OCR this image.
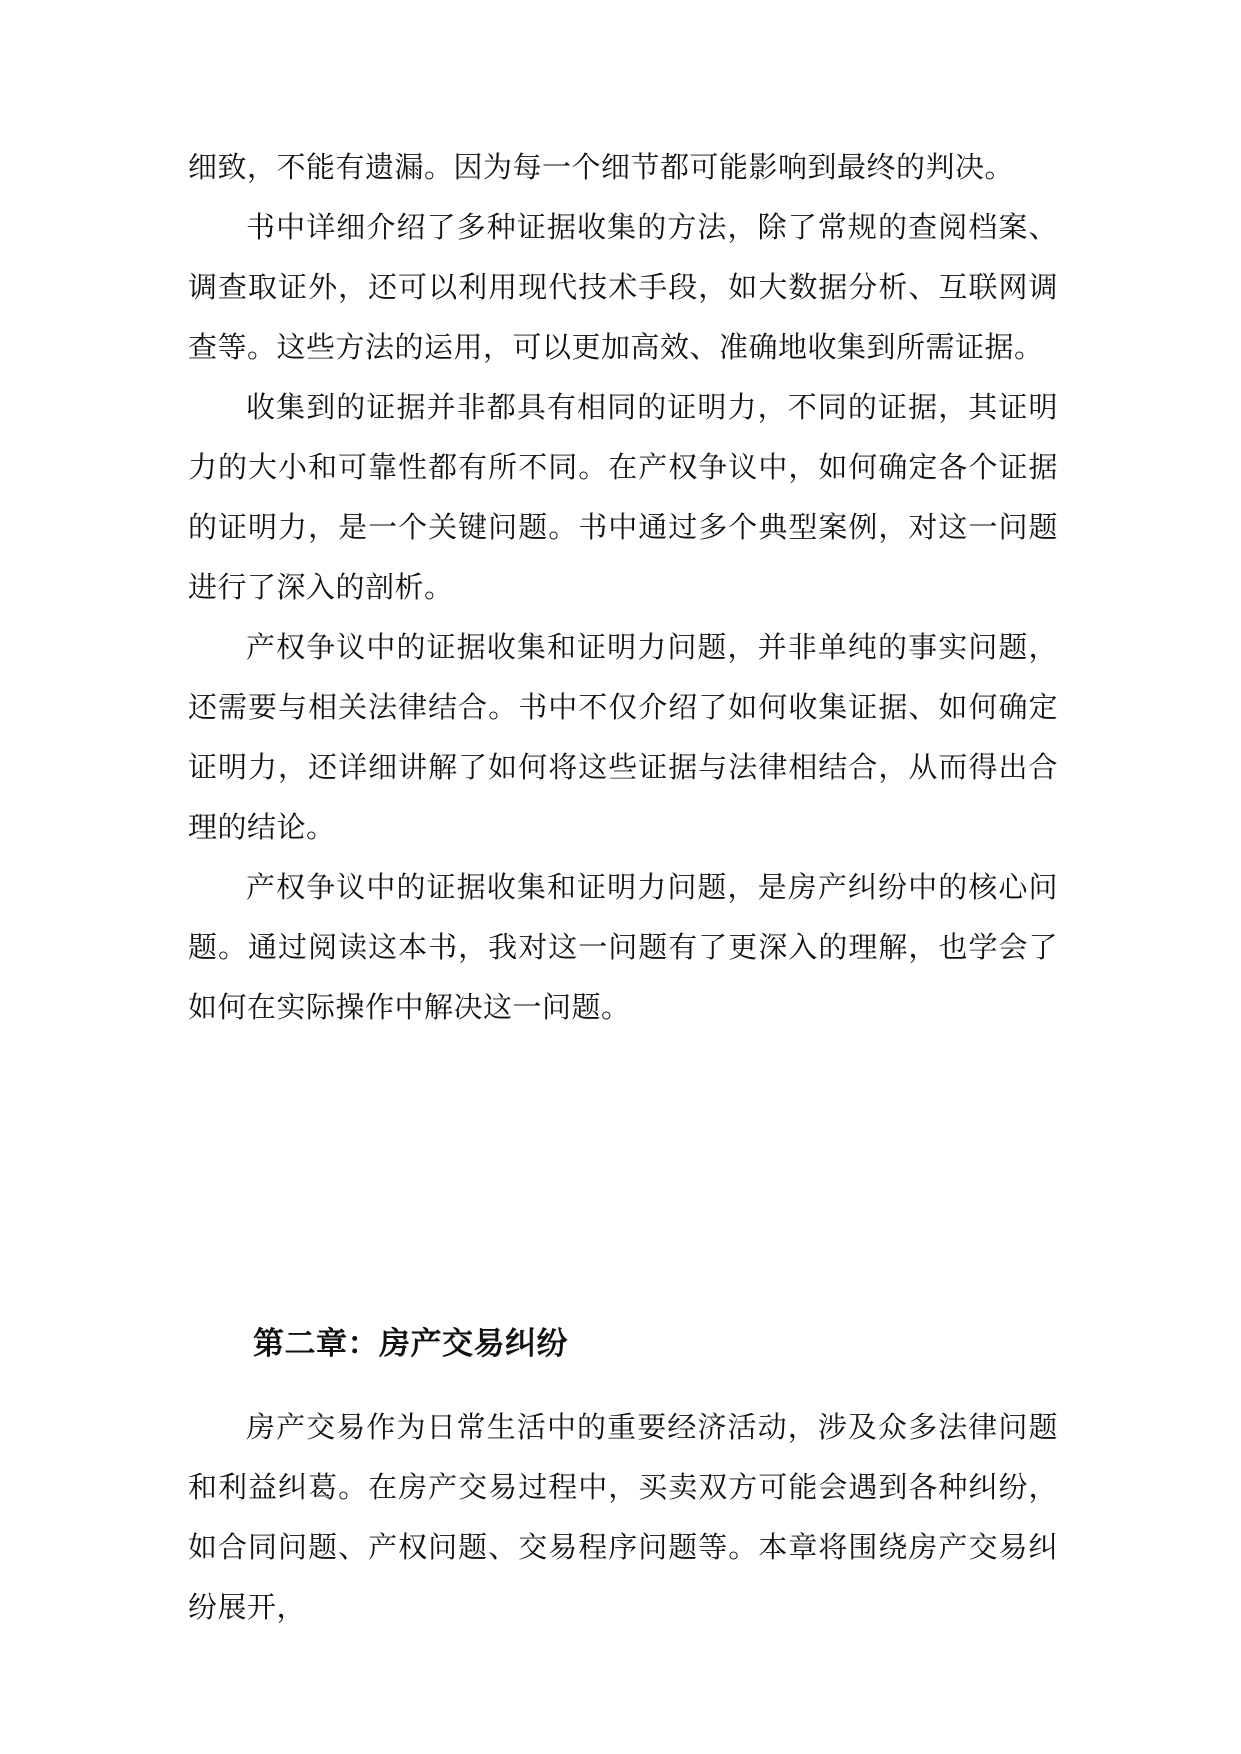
细致，不能有遗漏。因为每一个细节都可能影响到最终的判决。

书中详细介绍了多种证据收集的方法，除了常规的查阅档案、调查取证外，还可以利用现代技术手段，如大数据分析、互联网调查等。这些方法的运用，可以更加高效、准确地收集到所需证据。

收集到的证据并非都具有相同的证明力，不同的证据，其证明力的大小和可靠性都有所不同。在产权争议中，如何确定各个证据的证明力，是一个关键问题。书中通过多个典型案例，对这一问题进行了深入的剖析。

产权争议中的证据收集和证明力问题，并非单纯的事实问题，还需要与相关法律结合。书中不仅介绍了如何收集证据、如何确定证明力，还详细讲解了如何将这些证据与法律相结合，从而得出合理的结论。

产权争议中的证据收集和证明力问题，是房产纠纷中的核心问题。通过阅读这本书，我对这一问题有了更深入的理解，也学会了如何在实际操作中解决这一问题。

第二章：房产交易纠纷

房产交易作为日常生活中的重要经济活动，涉及众多法律问题和利益纠葛。在房产交易过程中，买卖双方可能会遇到各种纠纷，如合同问题、产权问题、交易程序问题等。本章将围绕房产交易纠纷展开，
